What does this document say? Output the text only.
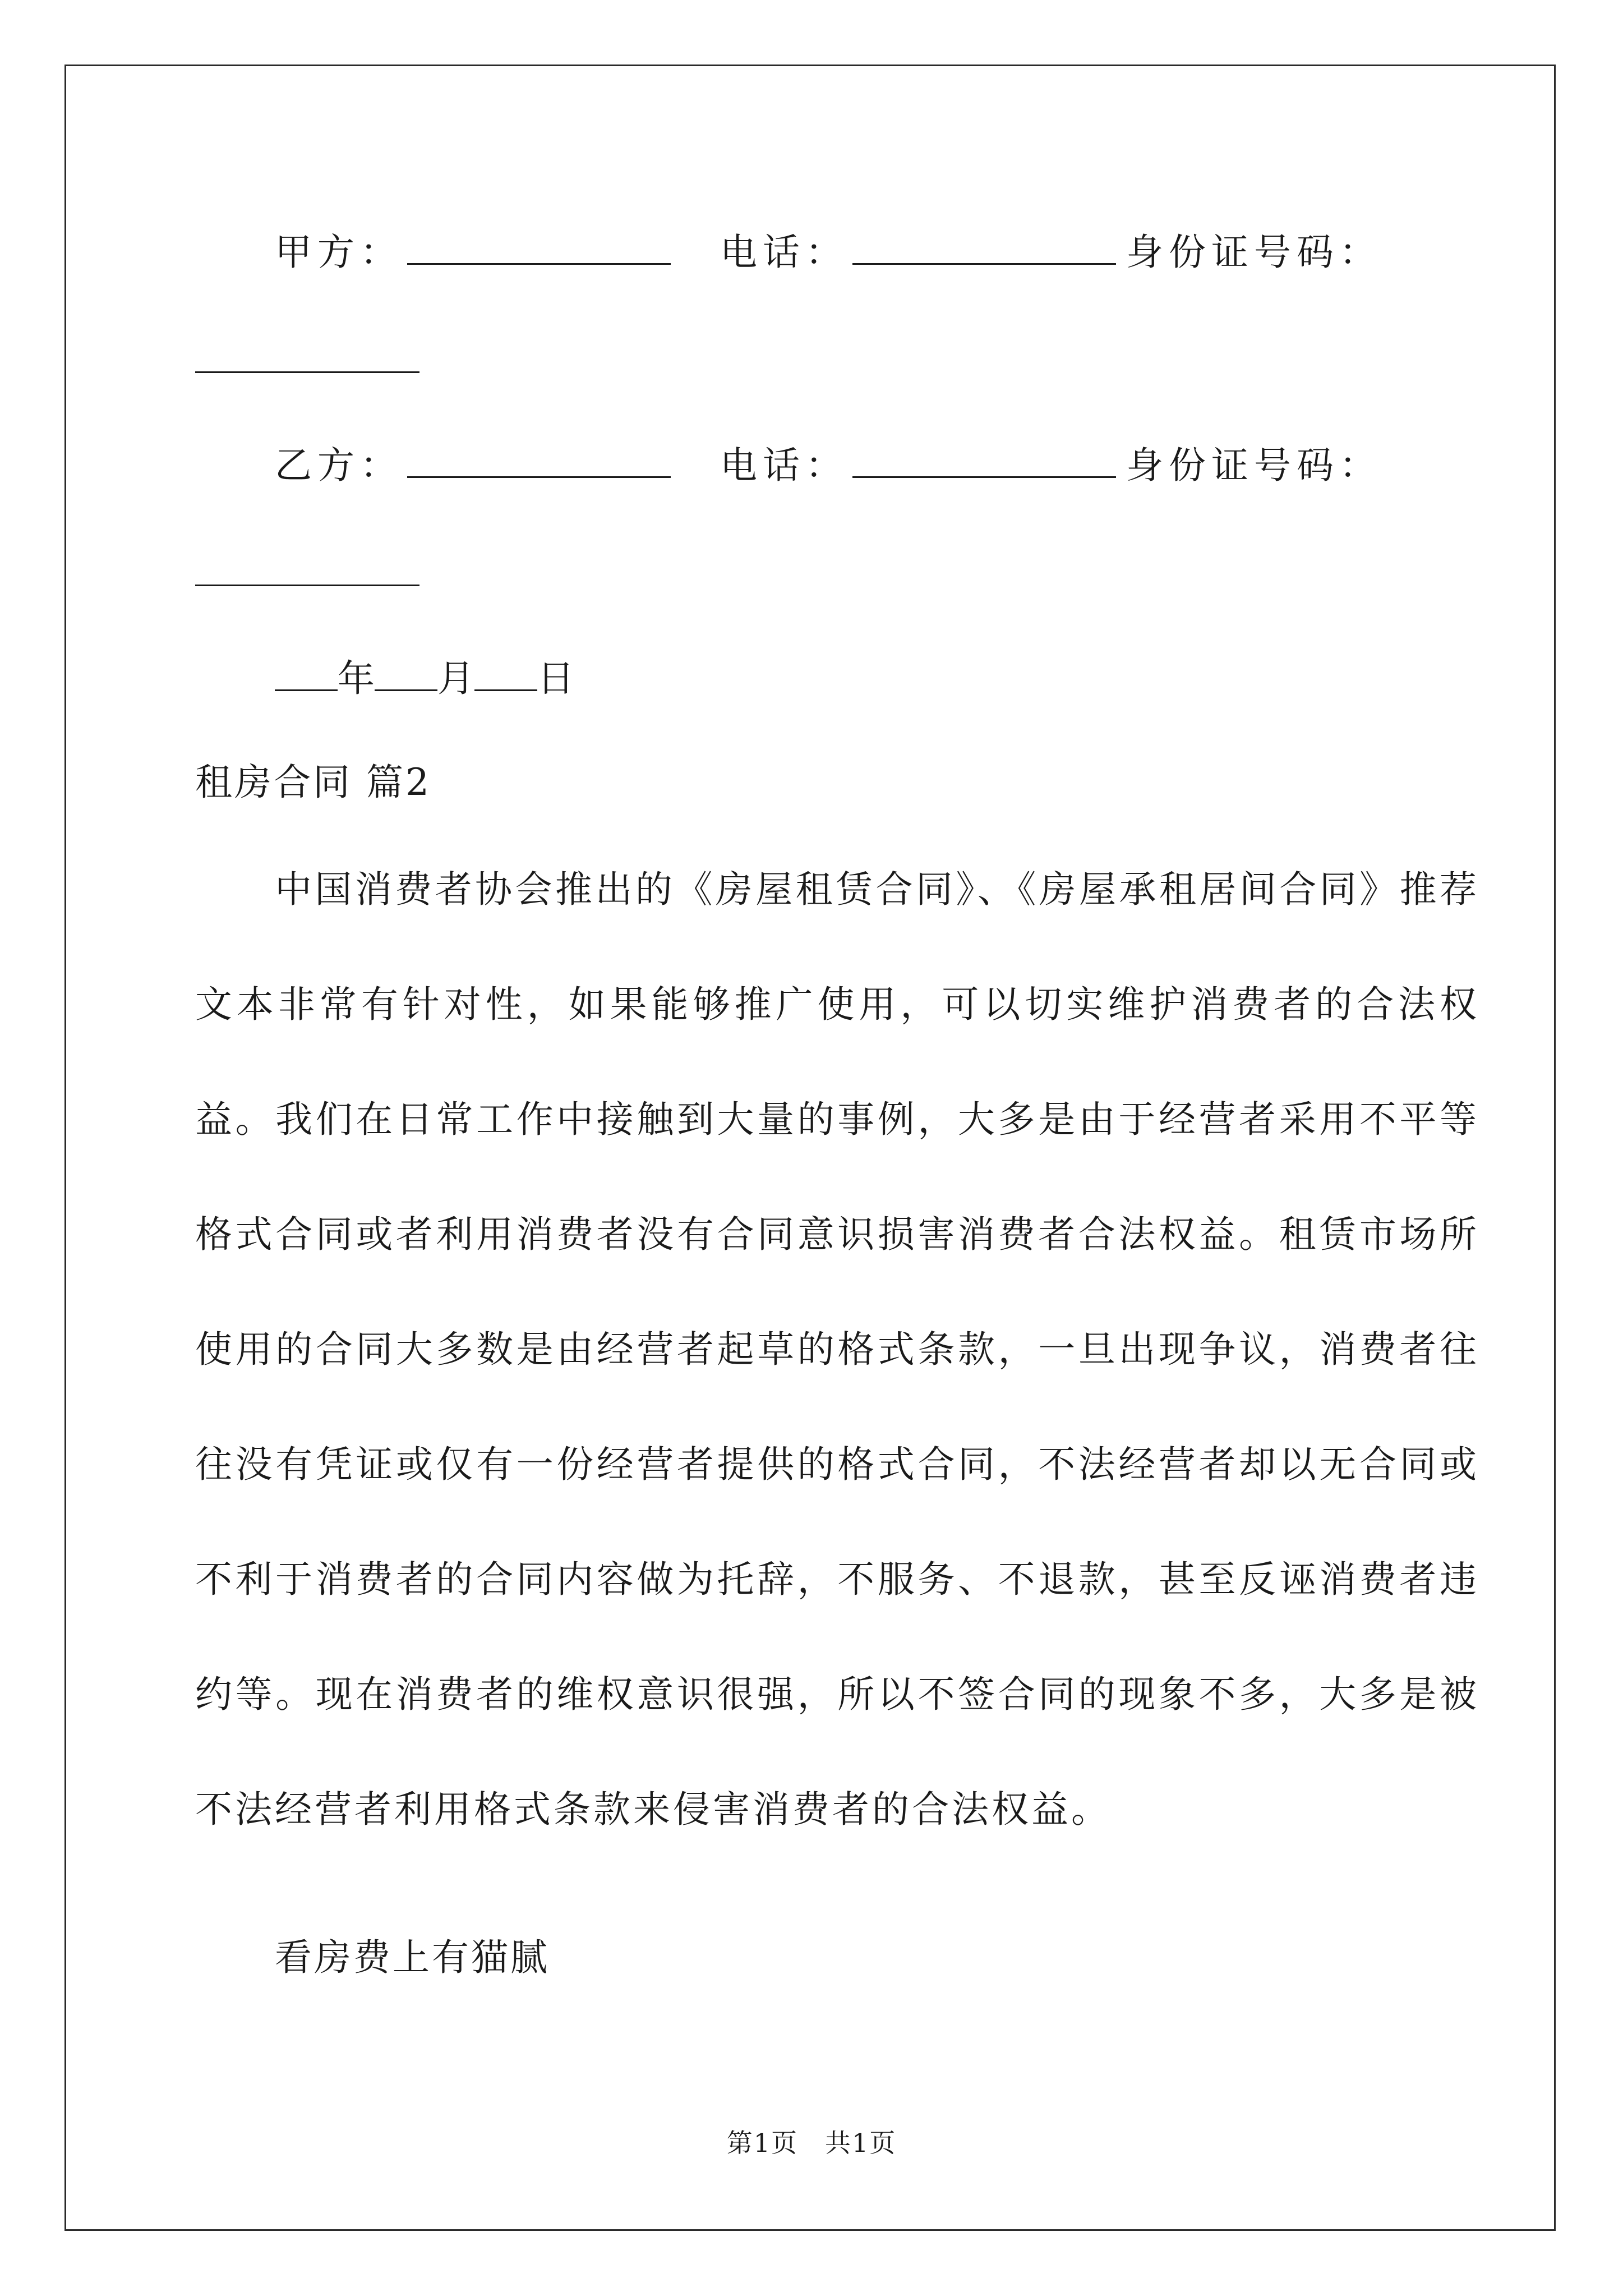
甲方：	电话：	身份证号码：
乙方：	电话：	身份证号码：
年 月 日
租房合同 篇2
中国消费者协会推出的《房屋租赁合同》、《房屋承租居间合同》推荐文本非常有针对性，如果能够推广使用，可以切实维护消费者的合法权益。我们在日常工作中接触到大量的事例，大多是由于经营者采用不平等格式合同或者利用消费者没有合同意识损害消费者合法权益。租赁市场所使用的合同大多数是由经营者起草的格式条款，一旦出现争议，消费者往往没有凭证或仅有一份经营者提供的格式合同，不法经营者却以无合同或不利于消费者的合同内容做为托辞，不服务、不退款，甚至反诬消费者违约等。现在消费者的维权意识很强，所以不签合同的现象不多，大多是被不法经营者利用格式条款来侵害消费者的合法权益。
看房费上有猫腻
第1页　共1页
